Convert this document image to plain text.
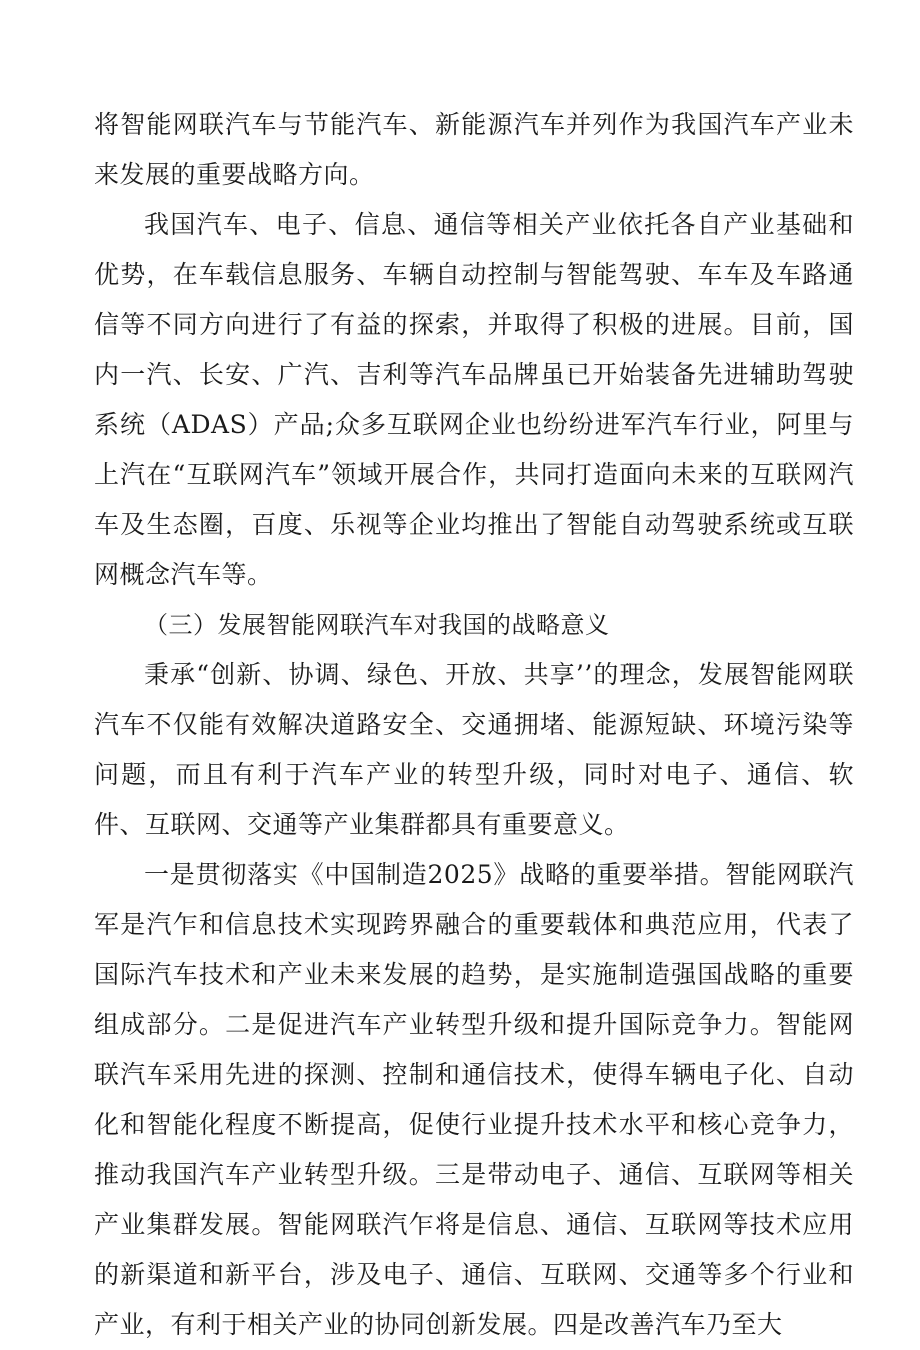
将智能网联汽车与节能汽车、新能源汽车并列作为我国汽车产业未来发展的重要战略方向。

我国汽车、电子、信息、通信等相关产业依托各自产业基础和优势，在车载信息服务、车辆自动控制与智能驾驶、车车及车路通信等不同方向进行了有益的探索，并取得了积极的进展。目前，国内一汽、长安、广汽、吉利等汽车品牌虽已开始装备先进辅助驾驶系统（ADAS）产品;众多互联网企业也纷纷进军汽车行业，阿里与上汽在“互联网汽车”领域开展合作，共同打造面向未来的互联网汽车及生态圈，百度、乐视等企业均推出了智能自动驾驶系统或互联网概念汽车等。

（三）发展智能网联汽车对我国的战略意义

秉承“创新、协调、绿色、开放、共享’’的理念，发展智能网联汽车不仅能有效解决道路安全、交通拥堵、能源短缺、环境污染等问题，而且有利于汽车产业的转型升级，同时对电子、通信、软件、互联网、交通等产业集群都具有重要意义。

一是贯彻落实《中国制造2025》战略的重要举措。智能网联汽军是汽乍和信息技术实现跨界融合的重要载体和典范应用，代表了国际汽车技术和产业未来发展的趋势，是实施制造强国战略的重要组成部分。二是促进汽车产业转型升级和提升国际竞争力。智能网联汽车采用先进的探测、控制和通信技术，使得车辆电子化、自动化和智能化程度不断提高，促使行业提升技术水平和核心竞争力，推动我国汽车产业转型升级。三是带动电子、通信、互联网等相关产业集群发展。智能网联汽乍将是信息、通信、互联网等技术应用的新渠道和新平台，涉及电子、通信、互联网、交通等多个行业和产业，有利于相关产业的协同创新发展。四是改善汽车乃至大
